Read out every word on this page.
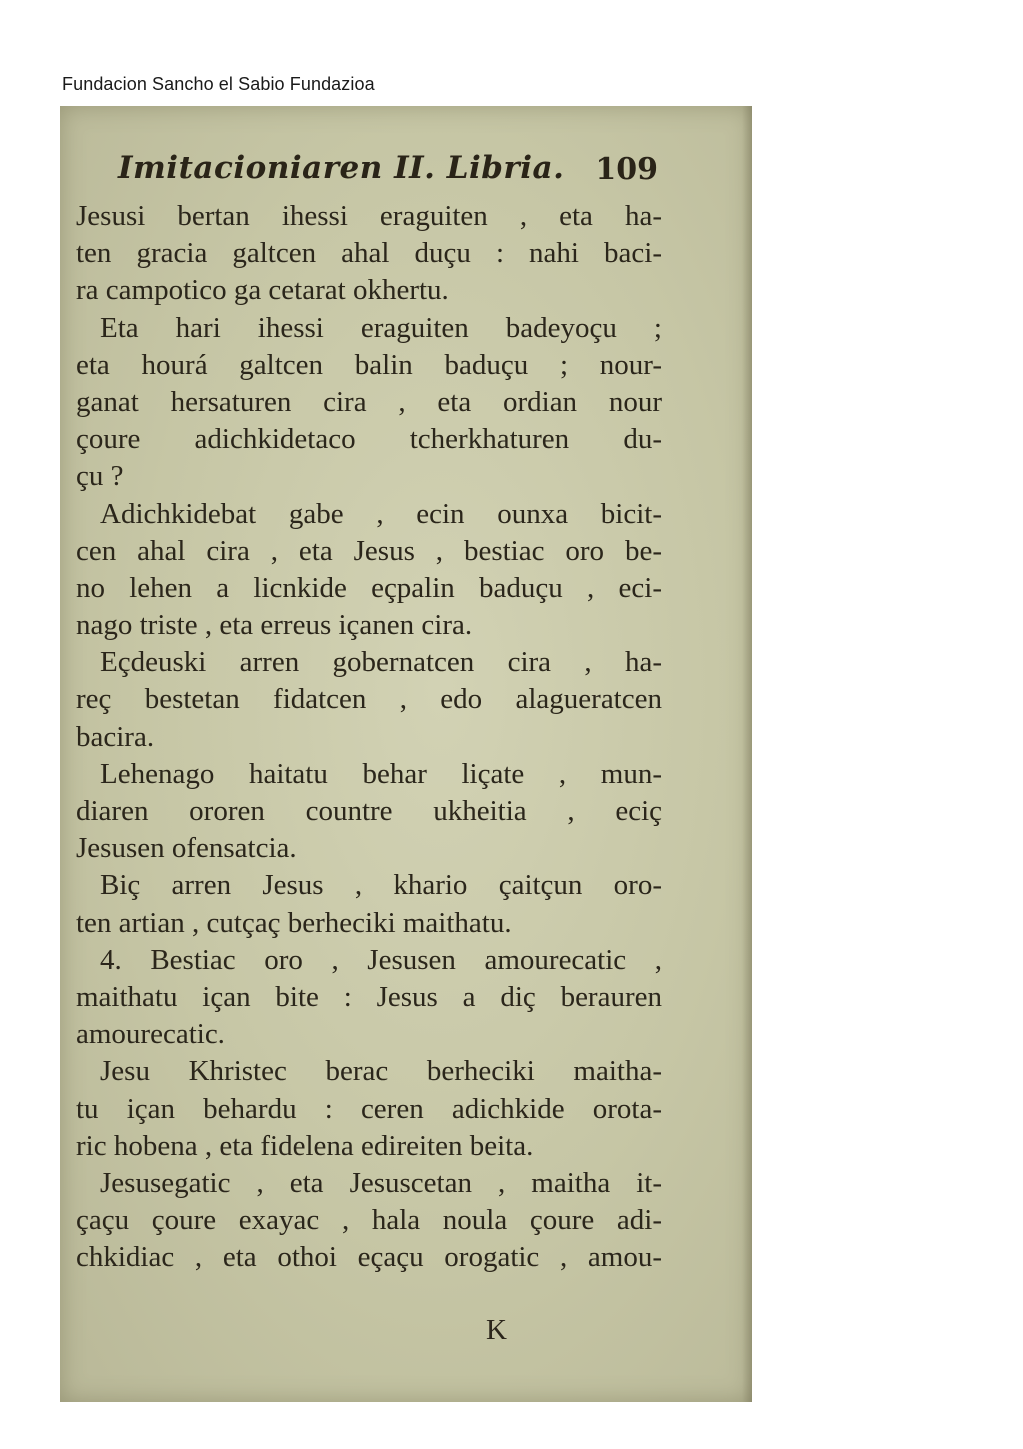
Fundacion Sancho el Sabio Fundazioa
Imitacioniaren II. Libria. 109
Jesusi bertan ihessi eraguiten , eta ha-
ten gracia galtcen ahal duçu : nahi baci-
ra campotico ga cetarat okhertu.
Eta hari ihessi eraguiten badeyoçu ;
eta hourá galtcen balin baduçu ; nour-
ganat hersaturen cira , eta ordian nour
çoure adichkidetaco tcherkhaturen du-
çu ?
Adichkidebat gabe , ecin ounxa bicit-
cen ahal cira , eta Jesus , bestiac oro be-
no lehen a licnkide eçpalin baduçu , eci-
nago triste , eta erreus içanen cira.
Eçdeuski arren gobernatcen cira , ha-
reç bestetan fidatcen , edo alagueratcen
bacira.
Lehenago haitatu behar liçate , mun-
diaren ororen countre ukheitia , eciç
Jesusen ofensatcia.
Biç arren Jesus , khario çaitçun oro-
ten artian , cutçaç berheciki maithatu.
4. Bestiac oro , Jesusen amourecatic ,
maithatu içan bite : Jesus a diç berauren
amourecatic.
Jesu Khristec berac berheciki maitha-
tu içan behardu : ceren adichkide orota-
ric hobena , eta fidelena edireiten beita.
Jesusegatic , eta Jesuscetan , maitha it-
çaçu çoure exayac , hala noula çoure adi-
chkidiac , eta othoi eçaçu orogatic , amou-
K
